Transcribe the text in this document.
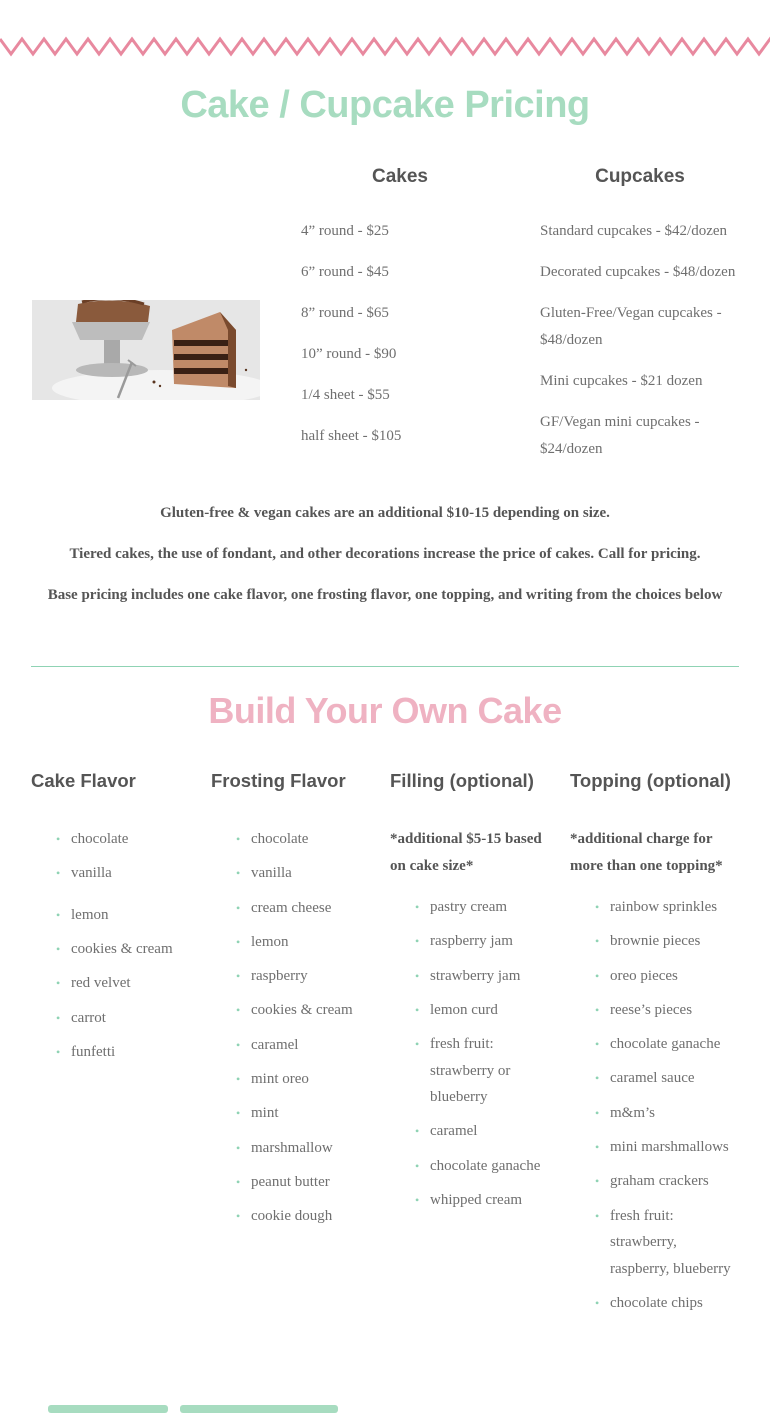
Cake / Cupcake Pricing
Cakes
4” round - $25
6” round - $45
8” round - $65
10” round - $90
1/4 sheet - $55
half sheet - $105
Cupcakes
Standard cupcakes - $42/dozen
Decorated cupcakes - $48/dozen
Gluten-Free/Vegan cupcakes - $48/dozen
Mini cupcakes - $21 dozen
GF/Vegan mini cupcakes - $24/dozen

Gluten-free & vegan cakes are an additional $10-15 depending on size.

Tiered cakes, the use of fondant, and other decorations increase the price of cakes. Call for pricing.

Base pricing includes one cake flavor, one frosting flavor, one topping, and writing from the choices below

Build Your Own Cake
Cake Flavor
• chocolate
• vanilla
• lemon
• cookies & cream
• red velvet
• carrot
• funfetti
Frosting Flavor
• chocolate
• vanilla
• cream cheese
• lemon
• raspberry
• cookies & cream
• caramel
• mint oreo
• mint
• marshmallow
• peanut butter
• cookie dough
Filling (optional)

*additional $5-15 based on cake size*

• pastry cream
• raspberry jam
• strawberry jam
• lemon curd
• fresh fruit: strawberry or blueberry
• caramel
• chocolate ganache
• whipped cream
Topping (optional)

*additional charge for more than one topping*

• rainbow sprinkles
• brownie pieces
• oreo pieces
• reese’s pieces
• chocolate ganache
• caramel sauce
• m&m’s
• mini marshmallows
• graham crackers
• fresh fruit: strawberry, raspberry, blueberry
• chocolate chips
